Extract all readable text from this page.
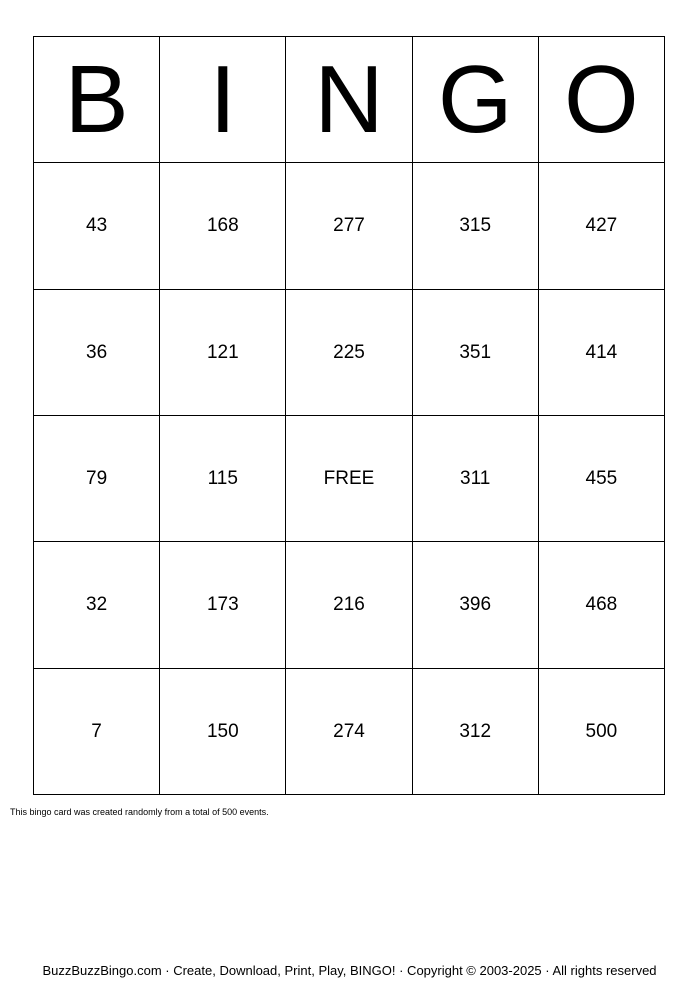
B I N G O
43	168	277	315	427
36	121	225	351	414
79	115	FREE	311	455
32	173	216	396	468
7	150	274	312	500
This bingo card was created randomly from a total of 500 events.
BuzzBuzzBingo.com · Create, Download, Print, Play, BINGO! · Copyright © 2003-2025 · All rights reserved
